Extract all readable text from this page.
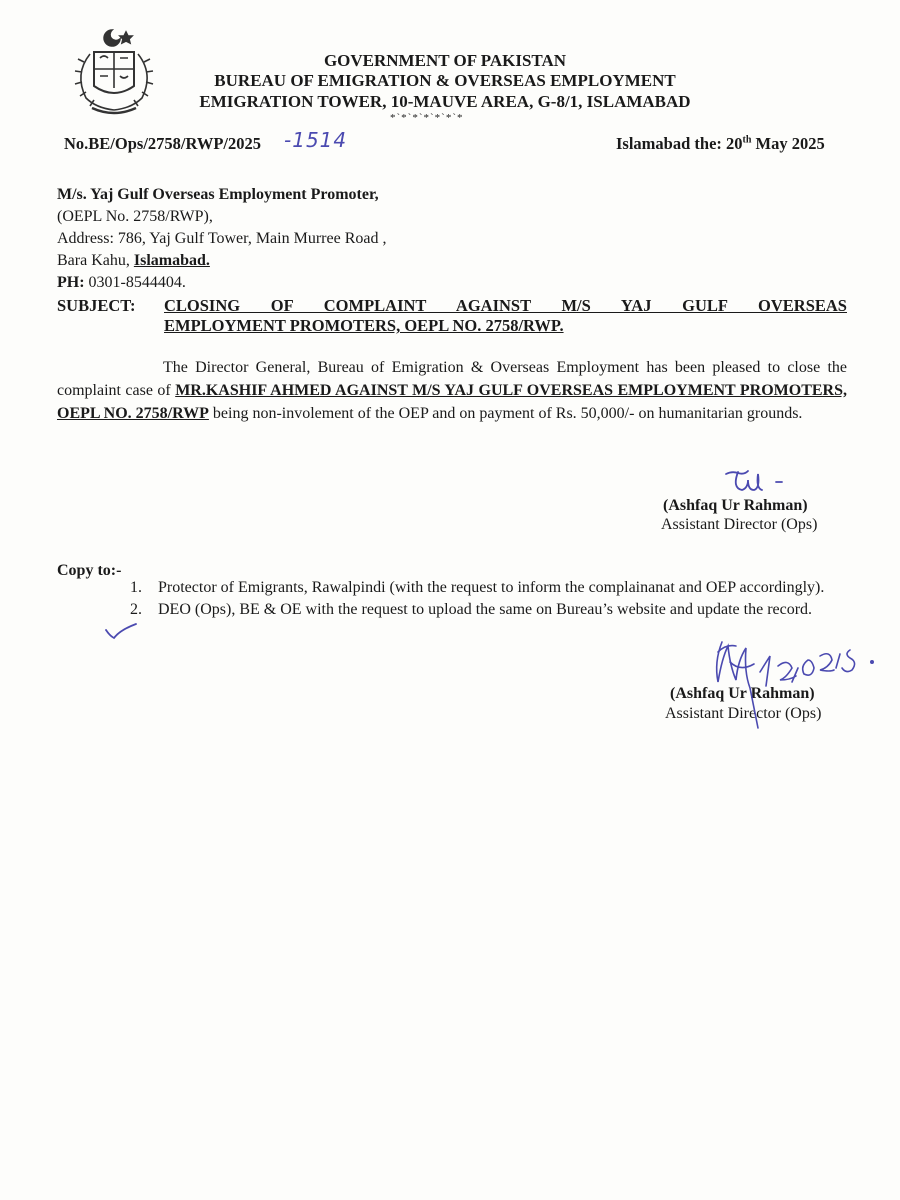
GOVERNMENT OF PAKISTAN
BUREAU OF EMIGRATION & OVERSEAS EMPLOYMENT
EMIGRATION TOWER, 10-MAUVE AREA, G-8/1, ISLAMABAD
*`*`*`*`*`*`*
No.BE/Ops/2758/RWP/2025 -1514	Islamabad the: 20th May 2025
M/s. Yaj Gulf Overseas Employment Promoter,
(OEPL No. 2758/RWP),
Address: 786, Yaj Gulf Tower, Main Murree Road ,
Bara Kahu, Islamabad.
PH: 0301-8544404.
SUBJECT: CLOSING OF COMPLAINT AGAINST M/S YAJ GULF OVERSEAS
EMPLOYMENT PROMOTERS, OEPL NO. 2758/RWP.
The Director General, Bureau of Emigration & Overseas Employment has been pleased to close the complaint case of MR.KASHIF AHMED AGAINST M/S YAJ GULF OVERSEAS EMPLOYMENT PROMOTERS, OEPL NO. 2758/RWP being non-involement of the OEP and on payment of Rs. 50,000/- on humanitarian grounds.
(Ashfaq Ur Rahman)
Assistant Director (Ops)
Copy to:-
1. Protector of Emigrants, Rawalpindi (with the request to inform the complainanat and OEP accordingly).
2. DEO (Ops), BE & OE with the request to upload the same on Bureau’s website and update the record.
(Ashfaq Ur Rahman)
Assistant Director (Ops)
